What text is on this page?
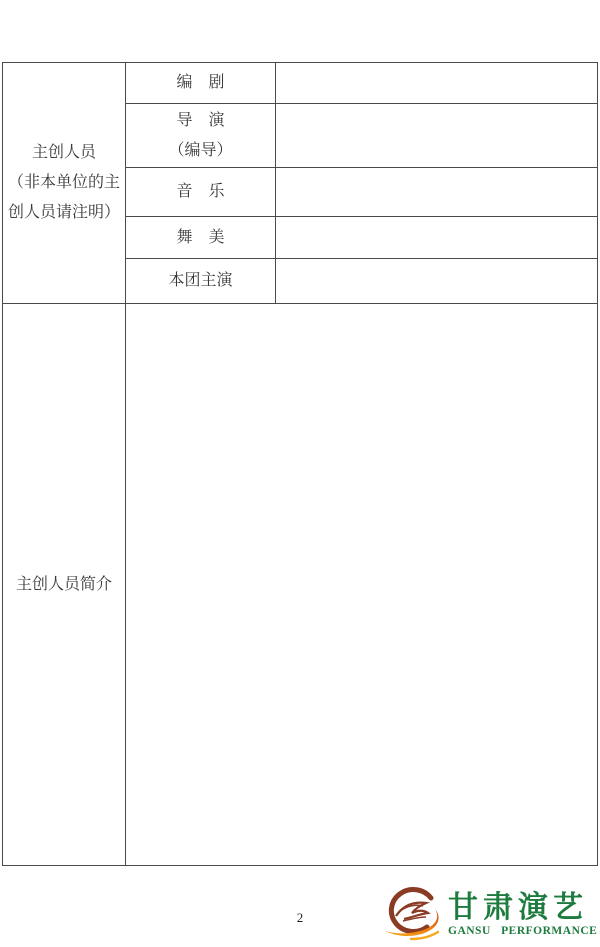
主创人员
（非本单位的主
创人员请注明）
编　剧
导　演
（编导）
音　乐
舞　美
本团主演
主创人员简介
2	甘肃演艺
GANSU PERFORMANCE
